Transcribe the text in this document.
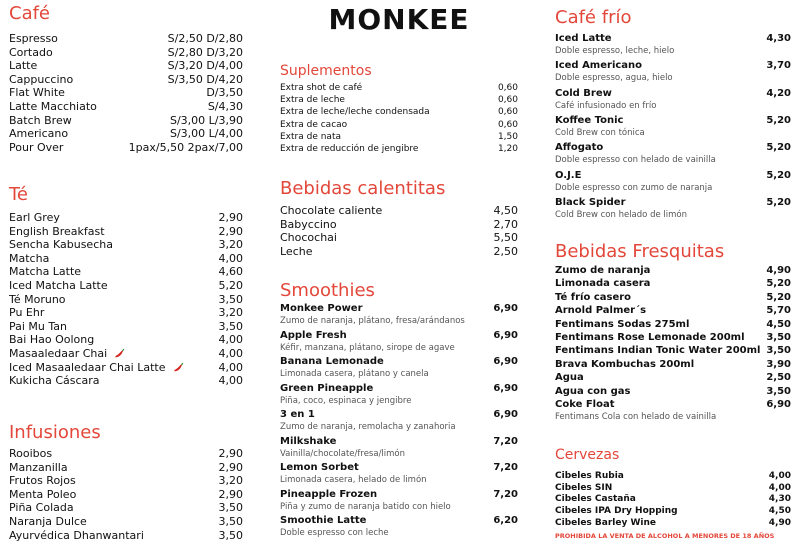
Café
Espresso	S/2,50 D/2,80
Cortado	S/2,80 D/3,20
Latte	S/3,20 D/4,00
Cappuccino	S/3,50 D/4,20
Flat White	D/3,50
Latte Macchiato	S/4,30
Batch Brew	S/3,00 L/3,90
Americano	S/3,00 L/4,00
Pour Over	1pax/5,50 2pax/7,00
Té
Earl Grey	2,90
English Breakfast	2,90
Sencha Kabusecha	3,20
Matcha	4,00
Matcha Latte	4,60
Iced Matcha Latte	5,20
Té Moruno	3,50
Pu Ehr	3,20
Pai Mu Tan	3,50
Bai Hao Oolong	4,00
Masaaledaar Chai	4,00
Iced Masaaledaar Chai Latte	4,00
Kukicha Cáscara	4,00
Infusiones
Rooibos	2,90
Manzanilla	2,90
Frutos Rojos	3,20
Menta Poleo	2,90
Piña Colada	3,50
Naranja Dulce	3,50
Ayurvédica Dhanwantari	3,50
MONKEE
Suplementos
Extra shot de café	0,60
Extra de leche	0,60
Extra de leche/leche condensada	0,60
Extra de cacao	0,60
Extra de nata	1,50
Extra de reducción de jengibre	1,20
Bebidas calentitas
Chocolate caliente	4,50
Babyccino	2,70
Chocochai	5,50
Leche	2,50
Smoothies
Monkee Power	6,90
Zumo de naranja, plátano, fresa/arándanos
Apple Fresh	6,90
Kéfir, manzana, plátano, sirope de agave
Banana Lemonade	6,90
Limonada casera, plátano y canela
Green Pineapple	6,90
Piña, coco, espinaca y jengibre
3 en 1	6,90
Zumo de naranja, remolacha y zanahoria
Milkshake	7,20
Vainilla/chocolate/fresa/limón
Lemon Sorbet	7,20
Limonada casera, helado de limón
Pineapple Frozen	7,20
Piña y zumo de naranja batido con hielo
Smoothie Latte	6,20
Doble espresso con leche
Café frío
Iced Latte	4,30
Doble espresso, leche, hielo
Iced Americano	3,70
Doble espresso, agua, hielo
Cold Brew	4,20
Café infusionado en frío
Koffee Tonic	5,20
Cold Brew con tónica
Affogato	5,20
Doble espresso con helado de vainilla
O.J.E	5,20
Doble espresso con zumo de naranja
Black Spider	5,20
Cold Brew con helado de limón
Bebidas Fresquitas
Zumo de naranja	4,90
Limonada casera	5,20
Té frío casero	5,20
Arnold Palmer´s	5,70
Fentimans Sodas 275ml	4,50
Fentimans Rose Lemonade 200ml 3,50
Fentimans Indian Tonic Water 200ml 3,50
Brava Kombuchas 200ml	3,90
Agua	2,50
Agua con gas	3,50
Coke Float	6,90
Fentimans Cola con helado de vainilla
Cervezas
Cibeles Rubia	4,00
Cibeles SIN	4,00
Cibeles Castaña	4,30
Cibeles IPA Dry Hopping	4,50
Cibeles Barley Wine	4,90
PROHIBIDA LA VENTA DE ALCOHOL A MENORES DE 18 AÑOS
